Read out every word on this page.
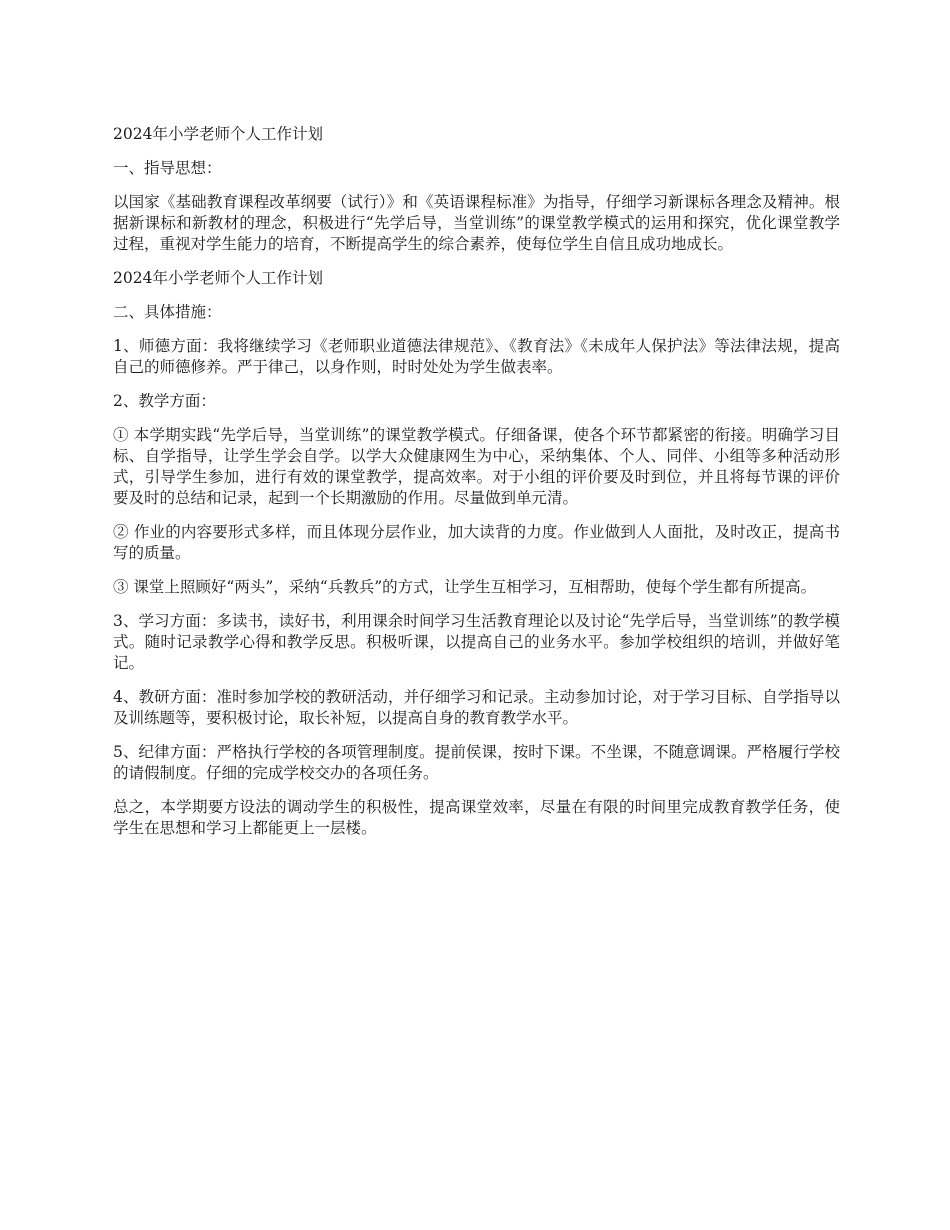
2024年小学老师个人工作计划

一、指导思想：

以国家《基础教育课程改革纲要（试行）》和《英语课程标准》为指导，仔细学习新课标各理念及精神。根据新课标和新教材的理念，积极进行“先学后导，当堂训练”的课堂教学模式的运用和探究，优化课堂教学过程，重视对学生能力的培育，不断提高学生的综合素养，使每位学生自信且成功地成长。

2024年小学老师个人工作计划

二、具体措施：

1、师德方面：我将继续学习《老师职业道德法律规范》、《教育法》《未成年人保护法》等法律法规，提高自己的师德修养。严于律己，以身作则，时时处处为学生做表率。

2、教学方面：

① 本学期实践“先学后导，当堂训练”的课堂教学模式。仔细备课，使各个环节都紧密的衔接。明确学习目标、自学指导，让学生学会自学。以学大众健康网生为中心，采纳集体、个人、同伴、小组等多种活动形式，引导学生参加，进行有效的课堂教学，提高效率。对于小组的评价要及时到位，并且将每节课的评价要及时的总结和记录，起到一个长期激励的作用。尽量做到单元清。

② 作业的内容要形式多样，而且体现分层作业，加大读背的力度。作业做到人人面批，及时改正，提高书写的质量。

③ 课堂上照顾好“两头”，采纳“兵教兵”的方式，让学生互相学习，互相帮助，使每个学生都有所提高。

3、学习方面：多读书，读好书，利用课余时间学习生活教育理论以及讨论“先学后导，当堂训练”的教学模式。随时记录教学心得和教学反思。积极听课，以提高自己的业务水平。参加学校组织的培训，并做好笔记。

4、教研方面：准时参加学校的教研活动，并仔细学习和记录。主动参加讨论，对于学习目标、自学指导以及训练题等，要积极讨论，取长补短，以提高自身的教育教学水平。

5、纪律方面：严格执行学校的各项管理制度。提前侯课，按时下课。不坐课，不随意调课。严格履行学校的请假制度。仔细的完成学校交办的各项任务。

总之，本学期要方设法的调动学生的积极性，提高课堂效率，尽量在有限的时间里完成教育教学任务，使学生在思想和学习上都能更上一层楼。
